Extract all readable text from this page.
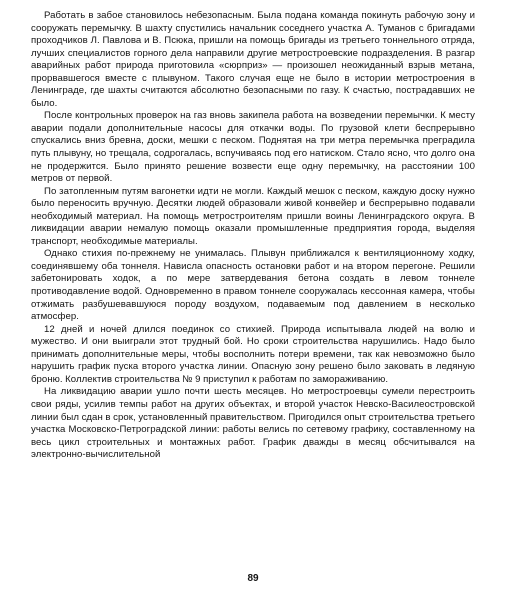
Работать в забое становилось небезопасным. Была подана команда покинуть рабочую зону и сооружать перемычку. В шахту спустились начальник соседнего участка А. Туманов с бригадами проходчиков Л. Павлова и В. Псюка, пришли на помощь бригады из третьего тоннельного отряда, лучших специалистов горного дела направили другие метростроевские подразделения. В разгар аварийных работ природа приготовила «сюрприз» — произошел неожиданный взрыв метана, прорвавшегося вместе с плывуном. Такого случая еще не было в истории метростроения в Ленинграде, где шахты считаются абсолютно безопасными по газу. К счастью, пострадавших не было.

После контрольных проверок на газ вновь закипела работа на возведении перемычки. К месту аварии подали дополнительные насосы для откачки воды. По грузовой клети беспрерывно спускались вниз бревна, доски, мешки с песком. Поднятая на три метра перемычка преградила путь плывуну, но трещала, содрогалась, вспучиваясь под его натиском. Стало ясно, что долго она не продержится. Было принято решение возвести еще одну перемычку, на расстоянии 100 метров от первой.

По затопленным путям вагонетки идти не могли. Каждый мешок с песком, каждую доску нужно было переносить вручную. Десятки людей образовали живой конвейер и беспрерывно подавали необходимый материал. На помощь метростроителям пришли воины Ленинградского округа. В ликвидации аварии немалую помощь оказали промышленные предприятия города, выделяя транспорт, необходимые материалы.

Однако стихия по-прежнему не унималась. Плывун приближался к вентиляционному ходку, соединявшему оба тоннеля. Нависла опасность остановки работ и на втором перегоне. Решили забетонировать ходок, а по мере затвердевания бетона создать в левом тоннеле противодавление водой. Одновременно в правом тоннеле сооружалась кессонная камера, чтобы отжимать разбушевавшуюся породу воздухом, подаваемым под давлением в несколько атмосфер.

12 дней и ночей длился поединок со стихией. Природа испытывала людей на волю и мужество. И они выиграли этот трудный бой. Но сроки строительства нарушились. Надо было принимать дополнительные меры, чтобы восполнить потери времени, так как невозможно было нарушить график пуска второго участка линии. Опасную зону решено было заковать в ледяную броню. Коллектив строительства № 9 приступил к работам по замораживанию.

На ликвидацию аварии ушло почти шесть месяцев. Но метростроевцы сумели перестроить свои ряды, усилив темпы работ на других объектах, и второй участок Невско-Василеостровской линии был сдан в срок, установленный правительством. Пригодился опыт строительства третьего участка Московско-Петроградской линии: работы велись по сетевому графику, составленному на весь цикл строительных и монтажных работ. График дважды в месяц обсчитывался на электронно-вычислительной

89
